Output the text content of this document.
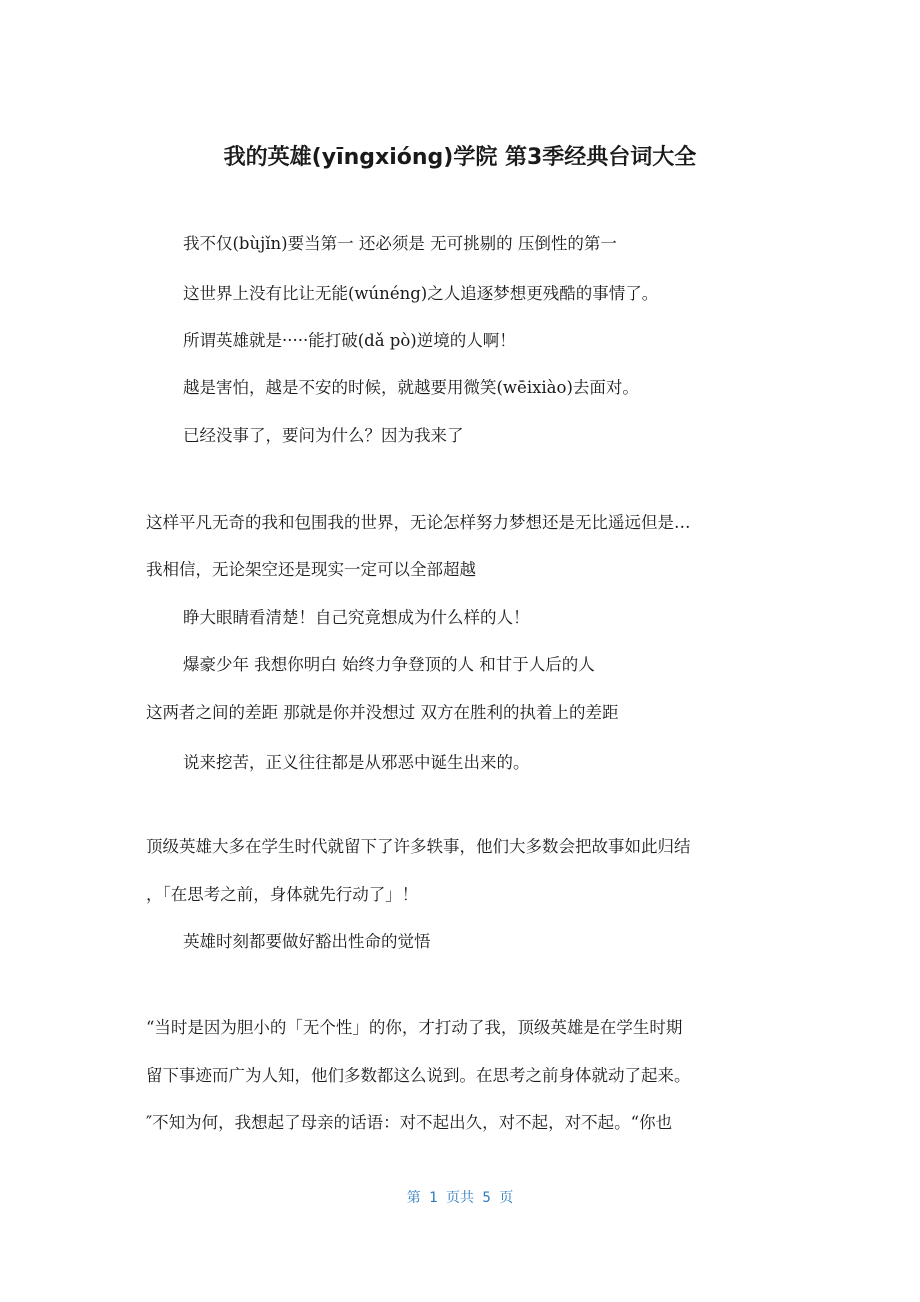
我的英雄(yīngxióng)学院 第3季经典台词大全

我不仅(bùjǐn)要当第一 还必须是 无可挑剔的 压倒性的第一

这世界上没有比让无能(wúnéng)之人追逐梦想更残酷的事情了。

所谓英雄就是·····能打破(dǎ pò)逆境的人啊！

越是害怕，越是不安的时候，就越要用微笑(wēixiào)去面对。

已经没事了，要问为什么？因为我来了

这样平凡无奇的我和包围我的世界，无论怎样努力梦想还是无比遥远但是…

我相信，无论架空还是现实一定可以全部超越

睁大眼睛看清楚！自己究竟想成为什么样的人！

爆豪少年 我想你明白 始终力争登顶的人 和甘于人后的人

这两者之间的差距 那就是你并没想过 双方在胜利的执着上的差距

说来挖苦，正义往往都是从邪恶中诞生出来的。

顶级英雄大多在学生时代就留下了许多轶事，他们大多数会把故事如此归结

，「在思考之前，身体就先行动了」！

英雄时刻都要做好豁出性命的觉悟

“当时是因为胆小的「无个性」的你，才打动了我，顶级英雄是在学生时期

留下事迹而广为人知，他们多数都这么说到。在思考之前身体就动了起来。

″不知为何，我想起了母亲的话语：对不起出久，对不起，对不起。“你也

第 1 页共 5 页
